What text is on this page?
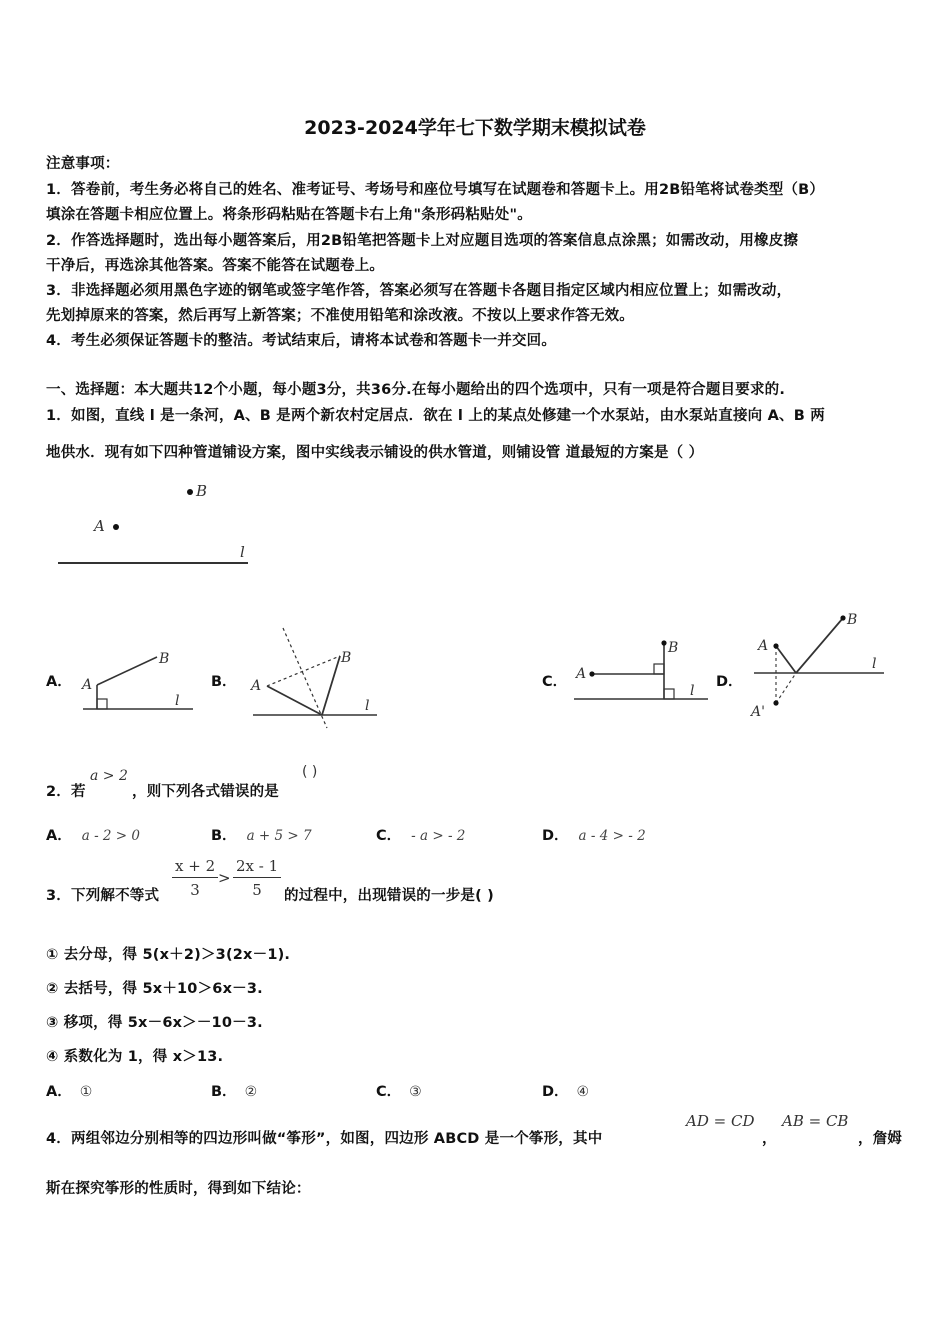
2023-2024学年七下数学期末模拟试卷
注意事项：
1．答卷前，考生务必将自己的姓名、准考证号、考场号和座位号填写在试题卷和答题卡上。用2B铅笔将试卷类型（B）
填涂在答题卡相应位置上。将条形码粘贴在答题卡右上角"条形码粘贴处"。
2．作答选择题时，选出每小题答案后，用2B铅笔把答题卡上对应题目选项的答案信息点涂黑；如需改动，用橡皮擦
干净后，再选涂其他答案。答案不能答在试题卷上。
3．非选择题必须用黑色字迹的钢笔或签字笔作答，答案必须写在答题卡各题目指定区域内相应位置上；如需改动，
先划掉原来的答案，然后再写上新答案；不准使用铅笔和涂改液。不按以上要求作答无效。
4．考生必须保证答题卡的整洁。考试结束后，请将本试卷和答题卡一并交回。
一、选择题：本大题共12个小题，每小题3分，共36分.在每小题给出的四个选项中，只有一项是符合题目要求的.
1．如图，直线 l 是一条河，A、B 是两个新农村定居点．欲在 l 上的某点处修建一个水泵站，由水泵站直接向 A、B 两
地供水．现有如下四种管道铺设方案，图中实线表示铺设的供水管道，则铺设管 道最短的方案是（ ）
B
A
l
A．	B．	C．	D．
A
B
l
A
B
l
A
B
l
A
B
l
A'
2．若
a > 2
，则下列各式错误的是
( )
A． a - 2 > 0	B． a + 5 > 7	C． - a > - 2	D． a - 4 > - 2
3．下列解不等式 $\frac{x + 2}{3} > \frac{2x - 1}{5}$ 的过程中，出现错误的一步是( )
① 去分母，得 5(x＋2)＞3(2x－1).
② 去括号，得 5x＋10＞6x－3.
③ 移项，得 5x－6x＞－10－3.
④ 系数化为 1，得 x＞13.
A． ①	B． ②	C． ③	D． ④
4．两组邻边分别相等的四边形叫做“筝形”，如图，四边形 ABCD 是一个筝形，其中
AD = CD
，
AB = CB
，詹姆
斯在探究筝形的性质时，得到如下结论：
